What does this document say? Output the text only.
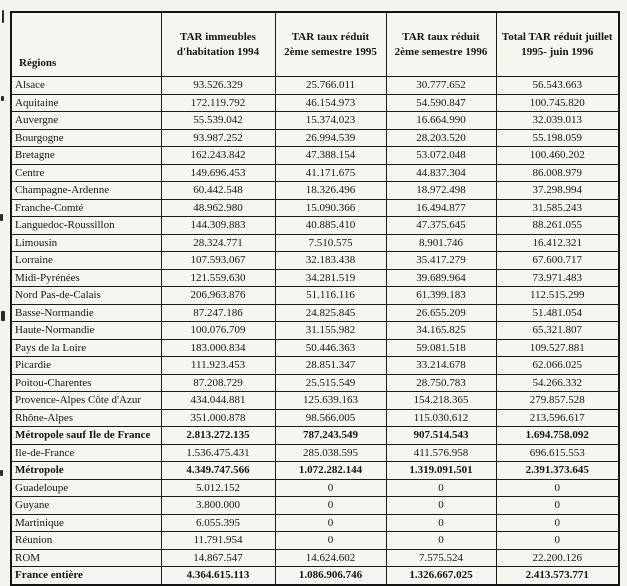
Régions	TAR immeubles d'habitation 1994	TAR taux réduit 2ème semestre 1995	TAR taux réduit 2ème semestre 1996	Total TAR réduit juillet 1995- juin 1996
Alsace	93.526.329	25.766.011	30.777.652	56.543.663
Aquitaine	172.119.792	46.154.973	54.590.847	100.745.820
Auvergne	55.539.042	15.374.023	16.664.990	32.039.013
Bourgogne	93.987.252	26.994.539	28.203.520	55.198.059
Bretagne	162.243.842	47.388.154	53.072.048	100.460.202
Centre	149.696.453	41.171.675	44.837.304	86.008.979
Champagne-Ardenne	60.442.548	18.326.496	18.972.498	37.298.994
Franche-Comté	48.962.980	15.090.366	16.494.877	31.585.243
Languedoc-Roussillon	144.309.883	40.885.410	47.375.645	88.261.055
Limousin	28.324.771	7.510.575	8.901.746	16.412.321
Lorraine	107.593.067	32.183.438	35.417.279	67.600.717
Midi-Pyrénées	121.559.630	34.281.519	39.689.964	73.971.483
Nord Pas-de-Calais	206.963.876	51.116.116	61.399.183	112.515.299
Basse-Normandie	87.247.186	24.825.845	26.655.209	51.481.054
Haute-Normandie	100.076.709	31.155.982	34.165.825	65.321.807
Pays de la Loire	183.000.834	50.446.363	59.081.518	109.527.881
Picardie	111.923.453	28.851.347	33.214.678	62.066.025
Poitou-Charentes	87.208.729	25.515.549	28.750.783	54.266.332
Provence-Alpes Côte d'Azur	434.044.881	125.639.163	154.218.365	279.857.528
Rhône-Alpes	351.000.878	98.566.005	115.030.612	213.596.617
Métropole sauf Ile de France	2.813.272.135	787.243.549	907.514.543	1.694.758.092
Ile-de-France	1.536.475.431	285.038.595	411.576.958	696.615.553
Métropole	4.349.747.566	1.072.282.144	1.319.091.501	2.391.373.645
Guadeloupe	5.012.152	0	0	0
Guyane	3.800.000	0	0	0
Martinique	6.055.395	0	0	0
Réunion	11.791.954	0	0	0
ROM	14.867.547	14.624.602	7.575.524	22.200.126
France entière	4.364.615.113	1.086.906.746	1.326.667.025	2.413.573.771
